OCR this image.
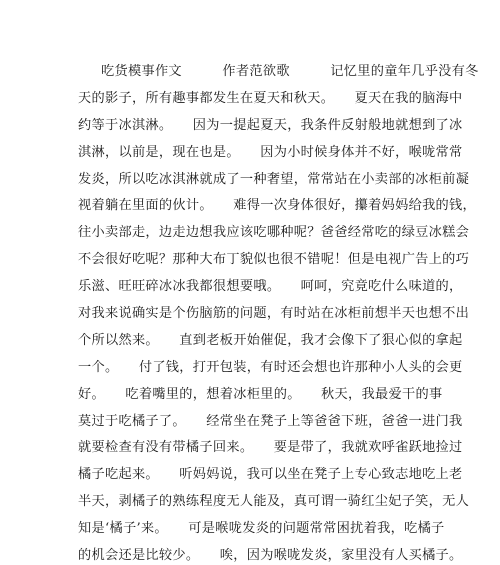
吃货模事作文　　　作者范欲歌　　　记忆里的童年几乎没有冬
天的影子，所有趣事都发生在夏天和秋天。　　夏天在我的脑海中
约等于冰淇淋。　　因为一提起夏天，我条件反射般地就想到了冰
淇淋，以前是，现在也是。　　因为小时候身体并不好，喉咙常常
发炎，所以吃冰淇淋就成了一种奢望，常常站在小卖部的冰柜前凝
视着躺在里面的伙计。　　难得一次身体很好，攥着妈妈给我的钱，
往小卖部走，边走边想我应该吃哪种呢？爸爸经常吃的绿豆冰糕会
不会很好吃呢？那种大布丁貌似也很不错呢！但是电视广告上的巧
乐滋、旺旺碎冰冰我都很想要哦。　　呵呵，究竟吃什么味道的，
对我来说确实是个伤脑筋的问题，有时站在冰柜前想半天也想不出
个所以然来。　　直到老板开始催促，我才会像下了狠心似的拿起
一个。　　付了钱，打开包装，有时还会想也许那种小人头的会更
好。　　吃着嘴里的，想着冰柜里的。　　秋天，我最爱干的事
莫过于吃橘子了。　　经常坐在凳子上等爸爸下班，爸爸一进门我
就要检查有没有带橘子回来。　　要是带了，我就欢呼雀跃地捡过
橘子吃起来。　　听妈妈说，我可以坐在凳子上专心致志地吃上老
半天，剥橘子的熟练程度无人能及，真可谓一骑红尘妃子笑，无人
知是‘橘子’来。　　可是喉咙发炎的问题常常困扰着我，吃橘子
的机会还是比较少。　　唉，因为喉咙发炎，家里没有人买橘子。
